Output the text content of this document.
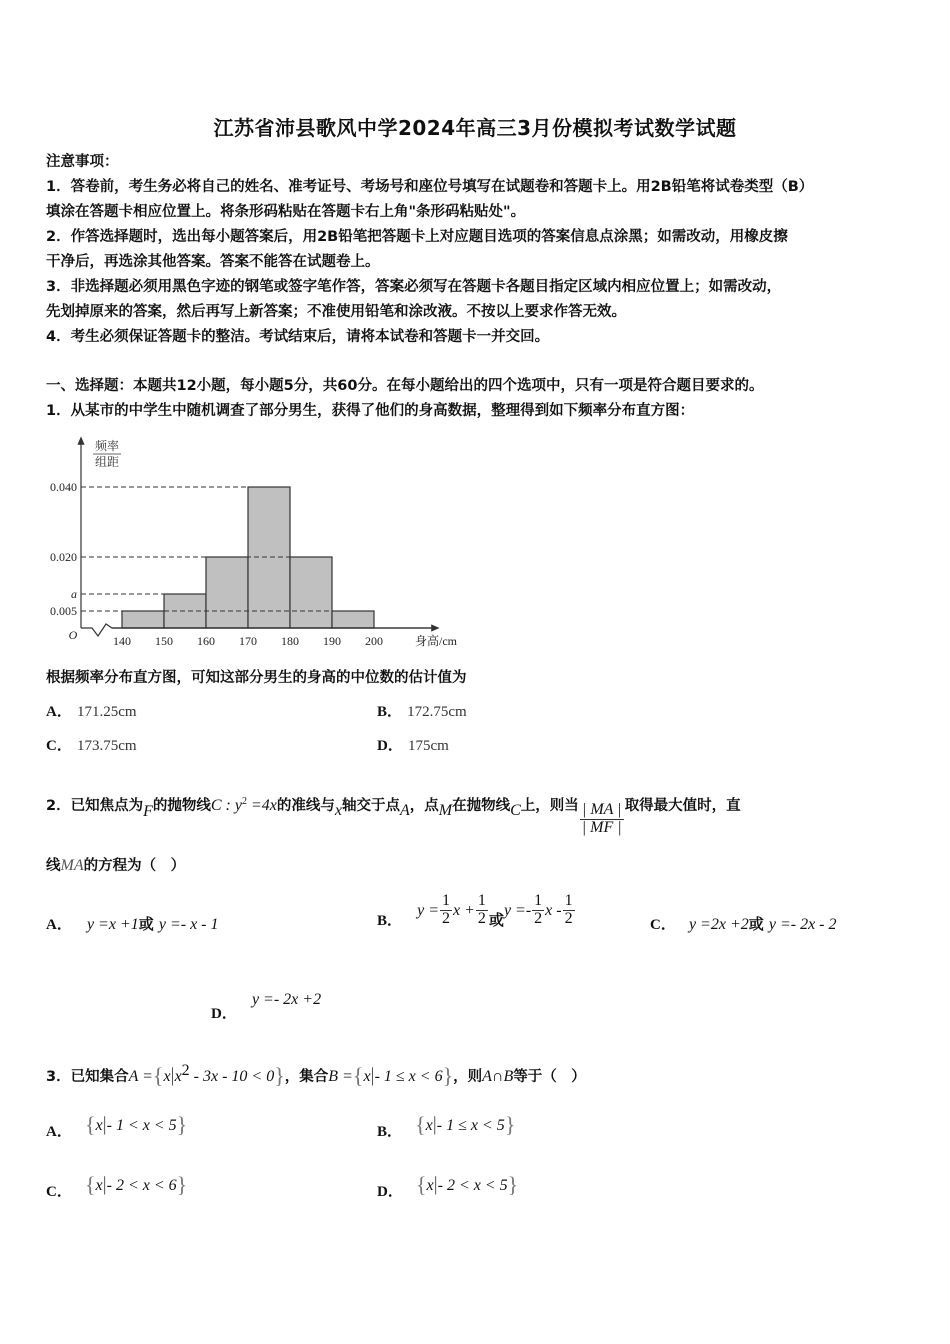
江苏省沛县歌风中学2024年高三3月份模拟考试数学试题
注意事项：
1．答卷前，考生务必将自己的姓名、准考证号、考场号和座位号填写在试题卷和答题卡上。用2B铅笔将试卷类型（B）
填涂在答题卡相应位置上。将条形码粘贴在答题卡右上角"条形码粘贴处"。
2．作答选择题时，选出每小题答案后，用2B铅笔把答题卡上对应题目选项的答案信息点涂黑；如需改动，用橡皮擦
干净后，再选涂其他答案。答案不能答在试题卷上。
3．非选择题必须用黑色字迹的钢笔或签字笔作答，答案必须写在答题卡各题目指定区域内相应位置上；如需改动，
先划掉原来的答案，然后再写上新答案；不准使用铅笔和涂改液。不按以上要求作答无效。
4．考生必须保证答题卡的整洁。考试结束后，请将本试卷和答题卡一并交回。
一、选择题：本题共12小题，每小题5分，共60分。在每小题给出的四个选项中，只有一项是符合题目要求的。
1．从某市的中学生中随机调查了部分男生，获得了他们的身高数据，整理得到如下频率分布直方图：
频率
组距
0.040
0.020
a
0.005
O	140 150 160 170 180 190 200	身高/cm
根据频率分布直方图，可知这部分男生的身高的中位数的估计值为
A． 171.25cm	B． 172.75cm
C． 173.75cm	D． 175cm
2．已知焦点为F的抛物线C : $y^2 =4x$的准线与x轴交于点A，点M在抛物线C上，则当 $\frac{| MA |}{| MF |}$ 取得最大值时，直
线MA的方程为（　）
A． y =x +1或 y =- x - 1	B． $y = \frac{1}{2}$ $x + \frac{1}{2}$ 或$y =- \frac{1}{2}$ x - $\frac{1}{2}$	C． y =2x +2或 y =- 2x - 2
D． y =- 2x +2
3．已知集合$A =\{x|x^2 - 3x - 10 < 0\}$，集合B ={x|- 1 ≤ x < 6}，则A∩B等于（　）
A． {x|- 1 < x < 5}	B． {x|- 1 ≤ x < 5}
C． {x|- 2 < x < 6}	D． {x|- 2 < x < 5}
